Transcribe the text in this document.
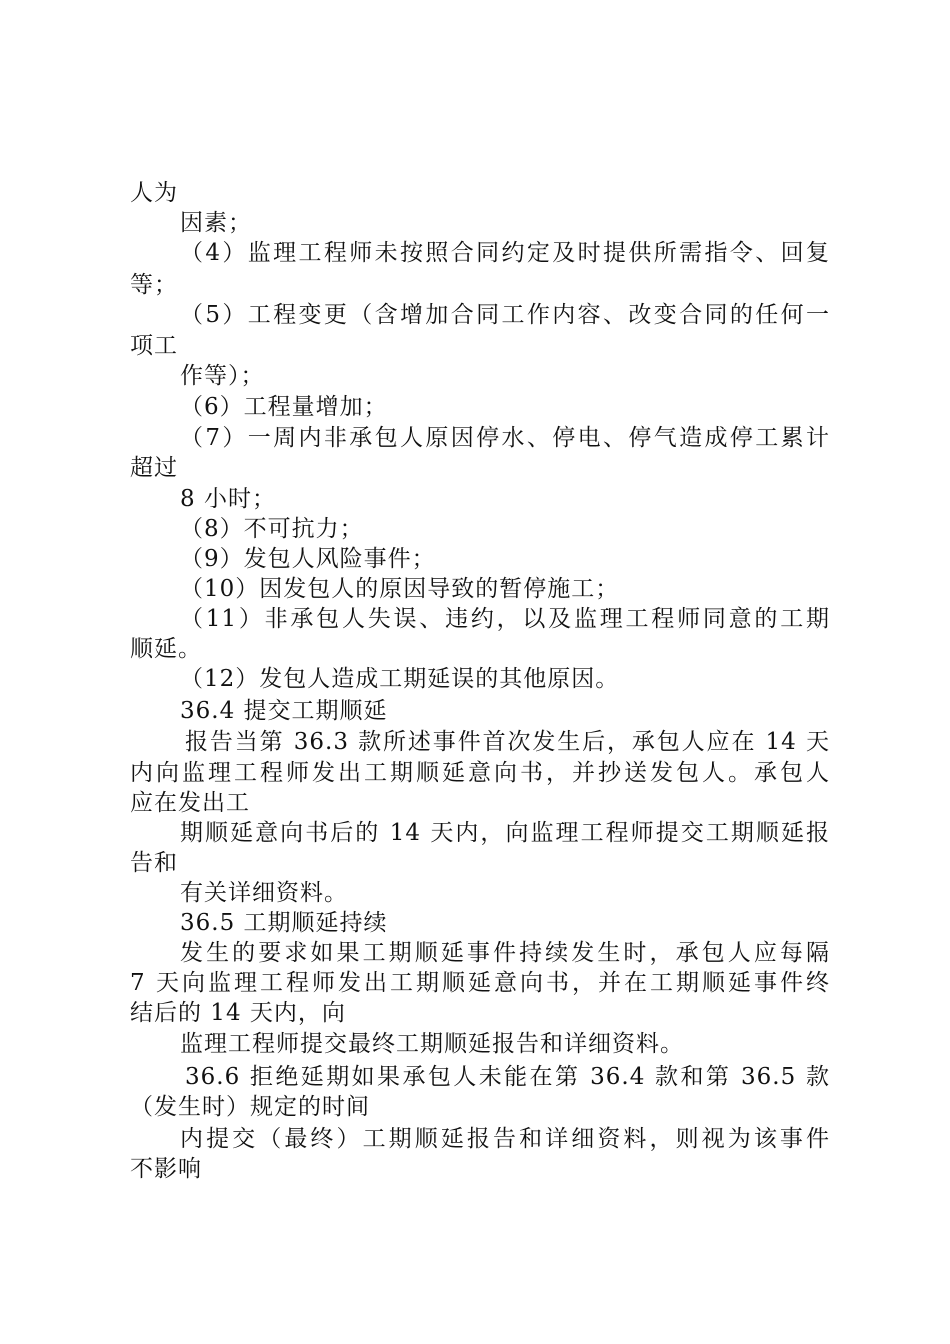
人为
因素；
（4）监理工程师未按照合同约定及时提供所需指令、回复
等；
（5）工程变更（含增加合同工作内容、改变合同的任何一
项工
作等）；
（6）工程量增加；
（7）一周内非承包人原因停水、停电、停气造成停工累计
超过
8 小时；
（8）不可抗力；
（9）发包人风险事件；
（10）因发包人的原因导致的暂停施工；
（11）非承包人失误、违约，以及监理工程师同意的工期
顺延。
（12）发包人造成工期延误的其他原因。
36.4 提交工期顺延
报告当第 36.3 款所述事件首次发生后，承包人应在 14 天
内向监理工程师发出工期顺延意向书，并抄送发包人。承包人
应在发出工
期顺延意向书后的 14 天内，向监理工程师提交工期顺延报
告和
有关详细资料。
36.5 工期顺延持续
发生的要求如果工期顺延事件持续发生时，承包人应每隔
7 天向监理工程师发出工期顺延意向书，并在工期顺延事件终
结后的 14 天内，向
监理工程师提交最终工期顺延报告和详细资料。
36.6 拒绝延期如果承包人未能在第 36.4 款和第 36.5 款
（发生时）规定的时间
内提交（最终）工期顺延报告和详细资料，则视为该事件
不影响
